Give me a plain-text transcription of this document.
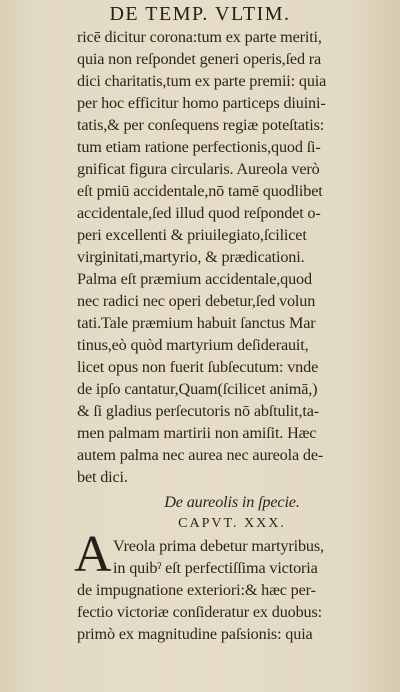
DE TEMP. VLTIM.
ricē dicitur corona:tum ex parte meriti,
quia non reſpondet generi operis,ſed ra
dici charitatis,tum ex parte premii: quia
per hoc efficitur homo particeps diuini-
tatis,& per conſequens regiæ poteſtatis:
tum etiam ratione perfectionis,quod ſi-
gnificat figura circularis. Aureola verò
eſt pmiū accidentale,nō tamē quodlibet
accidentale,ſed illud quod reſpondet o-
peri excellenti & priuilegiato,ſcilicet
virginitati,martyrio, & prædicationi.
Palma eſt præmium accidentale,quod
nec radici nec operi debetur,ſed volun
tati.Tale præmium habuit ſanctus Mar
tinus,eò quòd martyrium deſiderauit,
licet opus non fuerit ſubſecutum: vnde
de ipſo cantatur,Quam(ſcilicet animā,)
& ſi gladius perſecutoris nō abſtulit,ta-
men palmam martirii non amiſit. Hæc
autem palma nec aurea nec aureola de-
bet dici.
De aureolis in ſpecie.
CAPVT. XXX.
A Vreola prima debetur martyribus,
in quibˀ eſt perfectiſſima victoria
de impugnatione exteriori:& hæc per-
fectio victoriæ conſideratur ex duobus:
primò ex magnitudine paſsionis: quia
